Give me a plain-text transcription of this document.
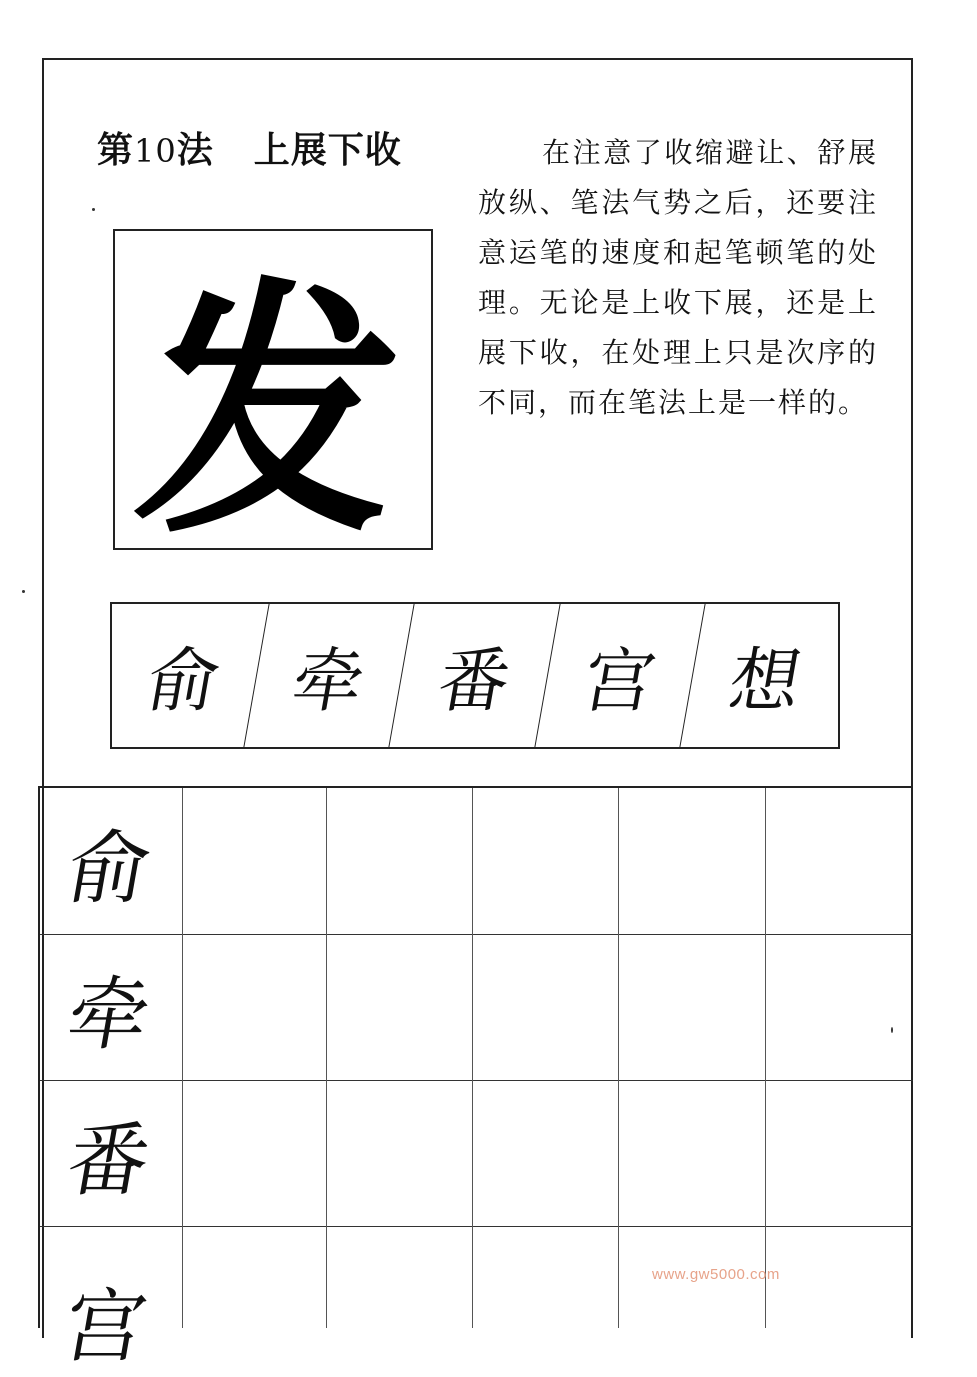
第10法 上展下收	在注意了收缩避让、舒展放纵、笔法气势之后，还要注意运笔的速度和起笔顿笔的处理。无论是上收下展，还是上展下收，在处理上只是次序的不同，而在笔法上是一样的。
发
俞 牵 番 宫 想
俞
牵
番
宫
www.gw5000.com
